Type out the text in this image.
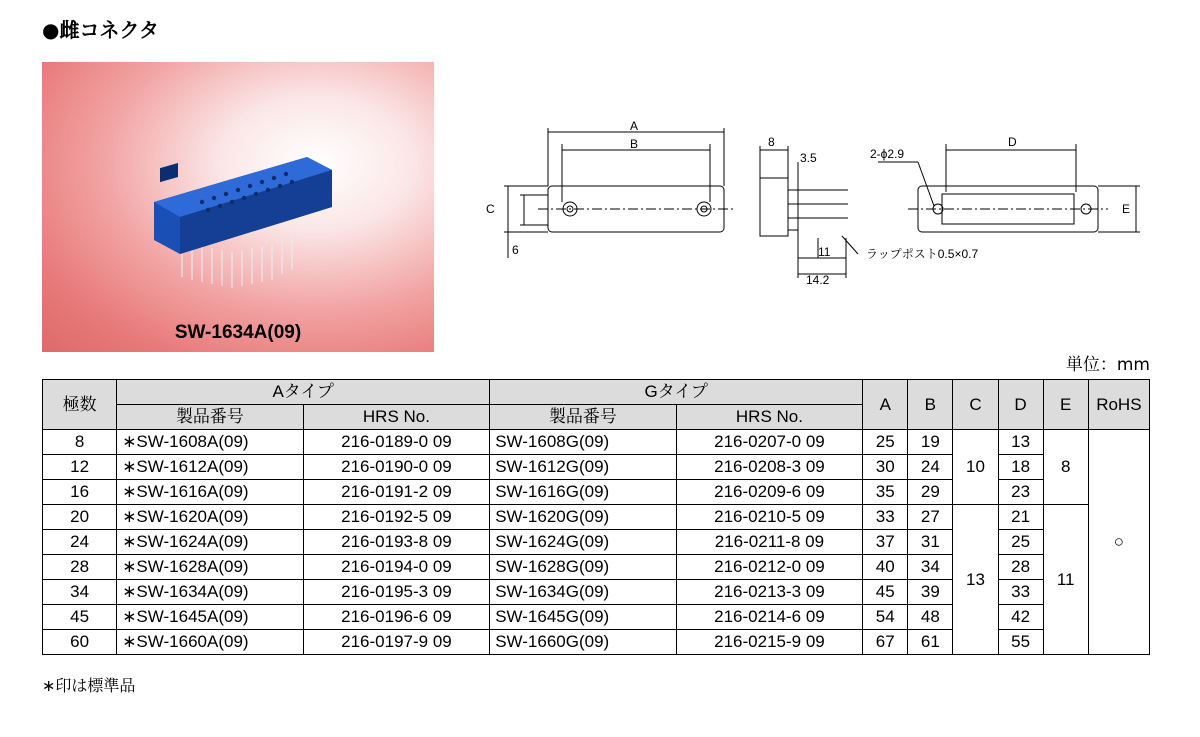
●雌コネクタ
SW-1634A(09)
A
B
C
6
8
3.5
11
14.2
ラップポスト0.5×0.7
2-ϕ2.9
D
E
単位：mm
極数	Aタイプ		Gタイプ		A	B	C	D	E	RoHS
	製品番号	HRS No.	製品番号	HRS No.						
8	∗SW-1608A(09)	216-0189-0 09	SW-1608G(09)	216-0207-0 09	25	19	10	13	8	○
12	∗SW-1612A(09)	216-0190-0 09	SW-1612G(09)	216-0208-3 09	30	24		18		
16	∗SW-1616A(09)	216-0191-2 09	SW-1616G(09)	216-0209-6 09	35	29		23		
20	∗SW-1620A(09)	216-0192-5 09	SW-1620G(09)	216-0210-5 09	33	27	13	21	11	
24	∗SW-1624A(09)	216-0193-8 09	SW-1624G(09)	216-0211-8 09	37	31		25		
28	∗SW-1628A(09)	216-0194-0 09	SW-1628G(09)	216-0212-0 09	40	34		28		
34	∗SW-1634A(09)	216-0195-3 09	SW-1634G(09)	216-0213-3 09	45	39		33		
45	∗SW-1645A(09)	216-0196-6 09	SW-1645G(09)	216-0214-6 09	54	48		42		
60	∗SW-1660A(09)	216-0197-9 09	SW-1660G(09)	216-0215-9 09	67	61		55		
∗印は標準品
